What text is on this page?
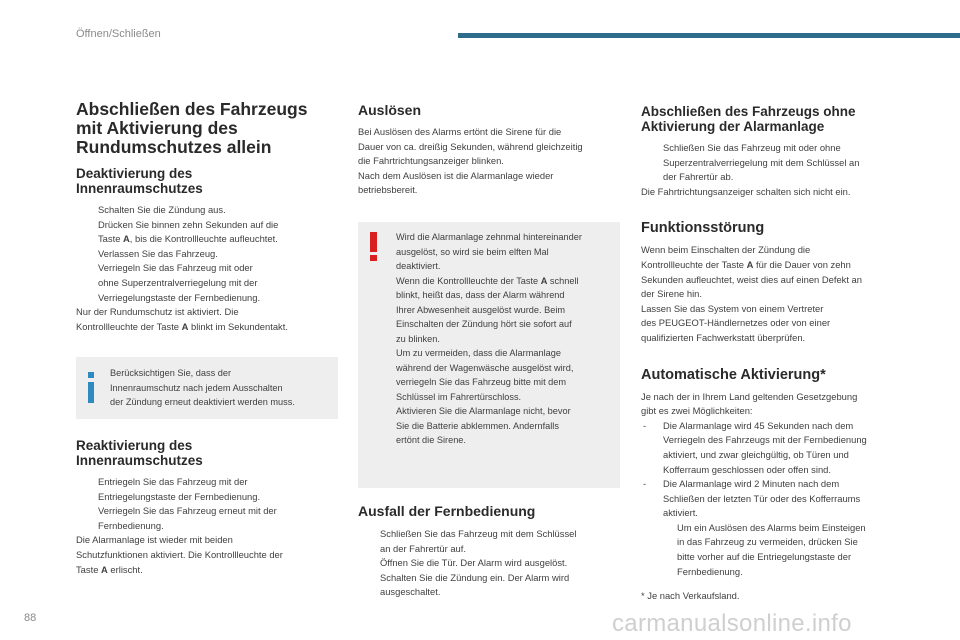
Öffnen/Schließen
Abschließen des Fahrzeugs
mit Aktivierung des
Rundumschutzes allein
Deaktivierung des
Innenraumschutzes
Schalten Sie die Zündung aus.
Drücken Sie binnen zehn Sekunden auf die
Taste A, bis die Kontrollleuchte aufleuchtet.
Verlassen Sie das Fahrzeug.
Verriegeln Sie das Fahrzeug mit oder
ohne Superzentralverriegelung mit der
Verriegelungstaste der Fernbedienung.

Nur der Rundumschutz ist aktiviert. Die

Kontrollleuchte der Taste A blinkt im Sekundentakt.

Berücksichtigen Sie, dass der
Innenraumschutz nach jedem Ausschalten
der Zündung erneut deaktiviert werden muss.
Reaktivierung des
Innenraumschutzes
Entriegeln Sie das Fahrzeug mit der
Entriegelungstaste der Fernbedienung.
Verriegeln Sie das Fahrzeug erneut mit der
Fernbedienung.

Die Alarmanlage ist wieder mit beiden

Schutzfunktionen aktiviert. Die Kontrollleuchte der

Taste A erlischt.

Auslösen

Bei Auslösen des Alarms ertönt die Sirene für die

Dauer von ca. dreißig Sekunden, während gleichzeitig

die Fahrtrichtungsanzeiger blinken.

Nach dem Auslösen ist die Alarmanlage wieder

betriebsbereit.

Wird die Alarmanlage zehnmal hintereinander
ausgelöst, so wird sie beim elften Mal
deaktiviert.
Wenn die Kontrollleuchte der Taste A schnell
blinkt, heißt das, dass der Alarm während
Ihrer Abwesenheit ausgelöst wurde. Beim
Einschalten der Zündung hört sie sofort auf
zu blinken.
Um zu vermeiden, dass die Alarmanlage
während der Wagenwäsche ausgelöst wird,
verriegeln Sie das Fahrzeug bitte mit dem
Schlüssel im Fahrertürschloss.
Aktivieren Sie die Alarmanlage nicht, bevor
Sie die Batterie abklemmen. Andernfalls
ertönt die Sirene.
Ausfall der Fernbedienung
Schließen Sie das Fahrzeug mit dem Schlüssel
an der Fahrertür auf.
Öffnen Sie die Tür. Der Alarm wird ausgelöst.
Schalten Sie die Zündung ein. Der Alarm wird
ausgeschaltet.
Abschließen des Fahrzeugs ohne
Aktivierung der Alarmanlage
Schließen Sie das Fahrzeug mit oder ohne
Superzentralverriegelung mit dem Schlüssel an
der Fahrertür ab.

Die Fahrtrichtungsanzeiger schalten sich nicht ein.

Funktionsstörung

Wenn beim Einschalten der Zündung die

Kontrollleuchte der Taste A für die Dauer von zehn

Sekunden aufleuchtet, weist dies auf einen Defekt an

der Sirene hin.

Lassen Sie das System von einem Vertreter

des PEUGEOT-Händlernetzes oder von einer

qualifizierten Fachwerkstatt überprüfen.

Automatische Aktivierung*

Je nach der in Ihrem Land geltenden Gesetzgebung

gibt es zwei Möglichkeiten:

- Die Alarmanlage wird 45 Sekunden nach dem
Verriegeln des Fahrzeugs mit der Fernbedienung
aktiviert, und zwar gleichgültig, ob Türen und
Kofferraum geschlossen oder offen sind.
- Die Alarmanlage wird 2 Minuten nach dem
Schließen der letzten Tür oder des Kofferraums
aktiviert.
Um ein Auslösen des Alarms beim Einsteigen
in das Fahrzeug zu vermeiden, drücken Sie
bitte vorher auf die Entriegelungstaste der
Fernbedienung.
* Je nach Verkaufsland.
88	carmanualsonline.info
